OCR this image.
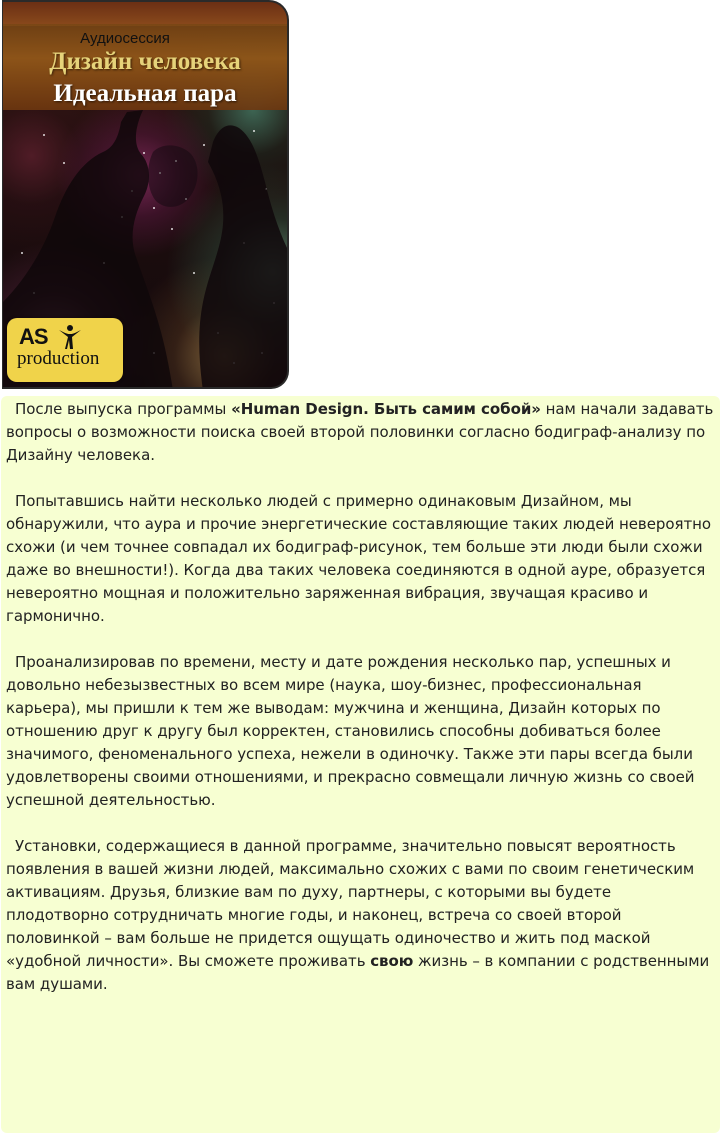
Аудиосессия
Дизайн человека
Идеальная пара
AS
production

После выпуска программы «Human Design. Быть самим собой» нам начали задавать вопросы о возможности поиска своей второй половинки согласно бодиграф-анализу по Дизайну человека.

Попытавшись найти несколько людей с примерно одинаковым Дизайном, мы обнаружили, что аура и прочие энергетические составляющие таких людей невероятно схожи (и чем точнее совпадал их бодиграф-рисунок, тем больше эти люди были схожи даже во внешности!). Когда два таких человека соединяются в одной ауре, образуется невероятно мощная и положительно заряженная вибрация, звучащая красиво и гармонично.

Проанализировав по времени, месту и дате рождения несколько пар, успешных и довольно небезызвестных во всем мире (наука, шоу-бизнес, профессиональная карьера), мы пришли к тем же выводам: мужчина и женщина, Дизайн которых по отношению друг к другу был корректен, становились способны добиваться более значимого, феноменального успеха, нежели в одиночку. Также эти пары всегда были удовлетворены своими отношениями, и прекрасно совмещали личную жизнь со своей успешной деятельностью.

Установки, содержащиеся в данной программе, значительно повысят вероятность появления в вашей жизни людей, максимально схожих с вами по своим генетическим активациям. Друзья, близкие вам по духу, партнеры, с которыми вы будете плодотворно сотрудничать многие годы, и наконец, встреча со своей второй половинкой – вам больше не придется ощущать одиночество и жить под маской «удобной личности». Вы сможете проживать свою жизнь – в компании с родственными вам душами.
